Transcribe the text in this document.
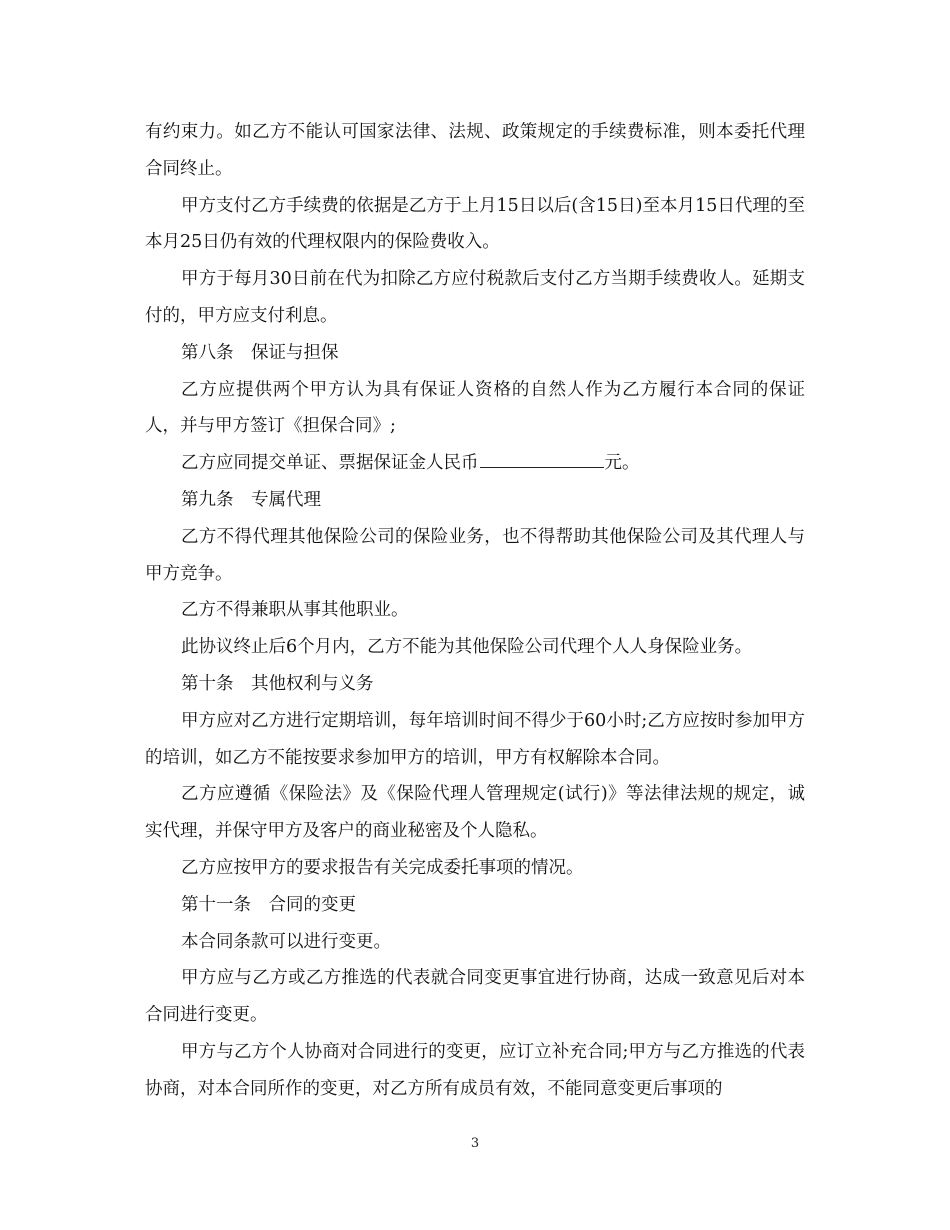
有约束力。如乙方不能认可国家法律、法规、政策规定的手续费标准，则本委托代理合同终止。

甲方支付乙方手续费的依据是乙方于上月15日以后(含15日)至本月15日代理的至本月25日仍有效的代理权限内的保险费收入。

甲方于每月30日前在代为扣除乙方应付税款后支付乙方当期手续费收人。延期支付的，甲方应支付利息。

第八条　保证与担保

乙方应提供两个甲方认为具有保证人资格的自然人作为乙方履行本合同的保证人，并与甲方签订《担保合同》;

乙方应同提交单证、票据保证金人民币	元。

第九条　专属代理

乙方不得代理其他保险公司的保险业务，也不得帮助其他保险公司及其代理人与甲方竞争。

乙方不得兼职从事其他职业。

此协议终止后6个月内，乙方不能为其他保险公司代理个人人身保险业务。

第十条　其他权利与义务

甲方应对乙方进行定期培训，每年培训时间不得少于60小时;乙方应按时参加甲方的培训，如乙方不能按要求参加甲方的培训，甲方有权解除本合同。

乙方应遵循《保险法》及《保险代理人管理规定(试行)》等法律法规的规定，诚实代理，并保守甲方及客户的商业秘密及个人隐私。

乙方应按甲方的要求报告有关完成委托事项的情况。

第十一条　合同的变更

本合同条款可以进行变更。

甲方应与乙方或乙方推选的代表就合同变更事宜进行协商，达成一致意见后对本合同进行变更。

甲方与乙方个人协商对合同进行的变更，应订立补充合同;甲方与乙方推选的代表协商，对本合同所作的变更，对乙方所有成员有效，不能同意变更后事项的

3
